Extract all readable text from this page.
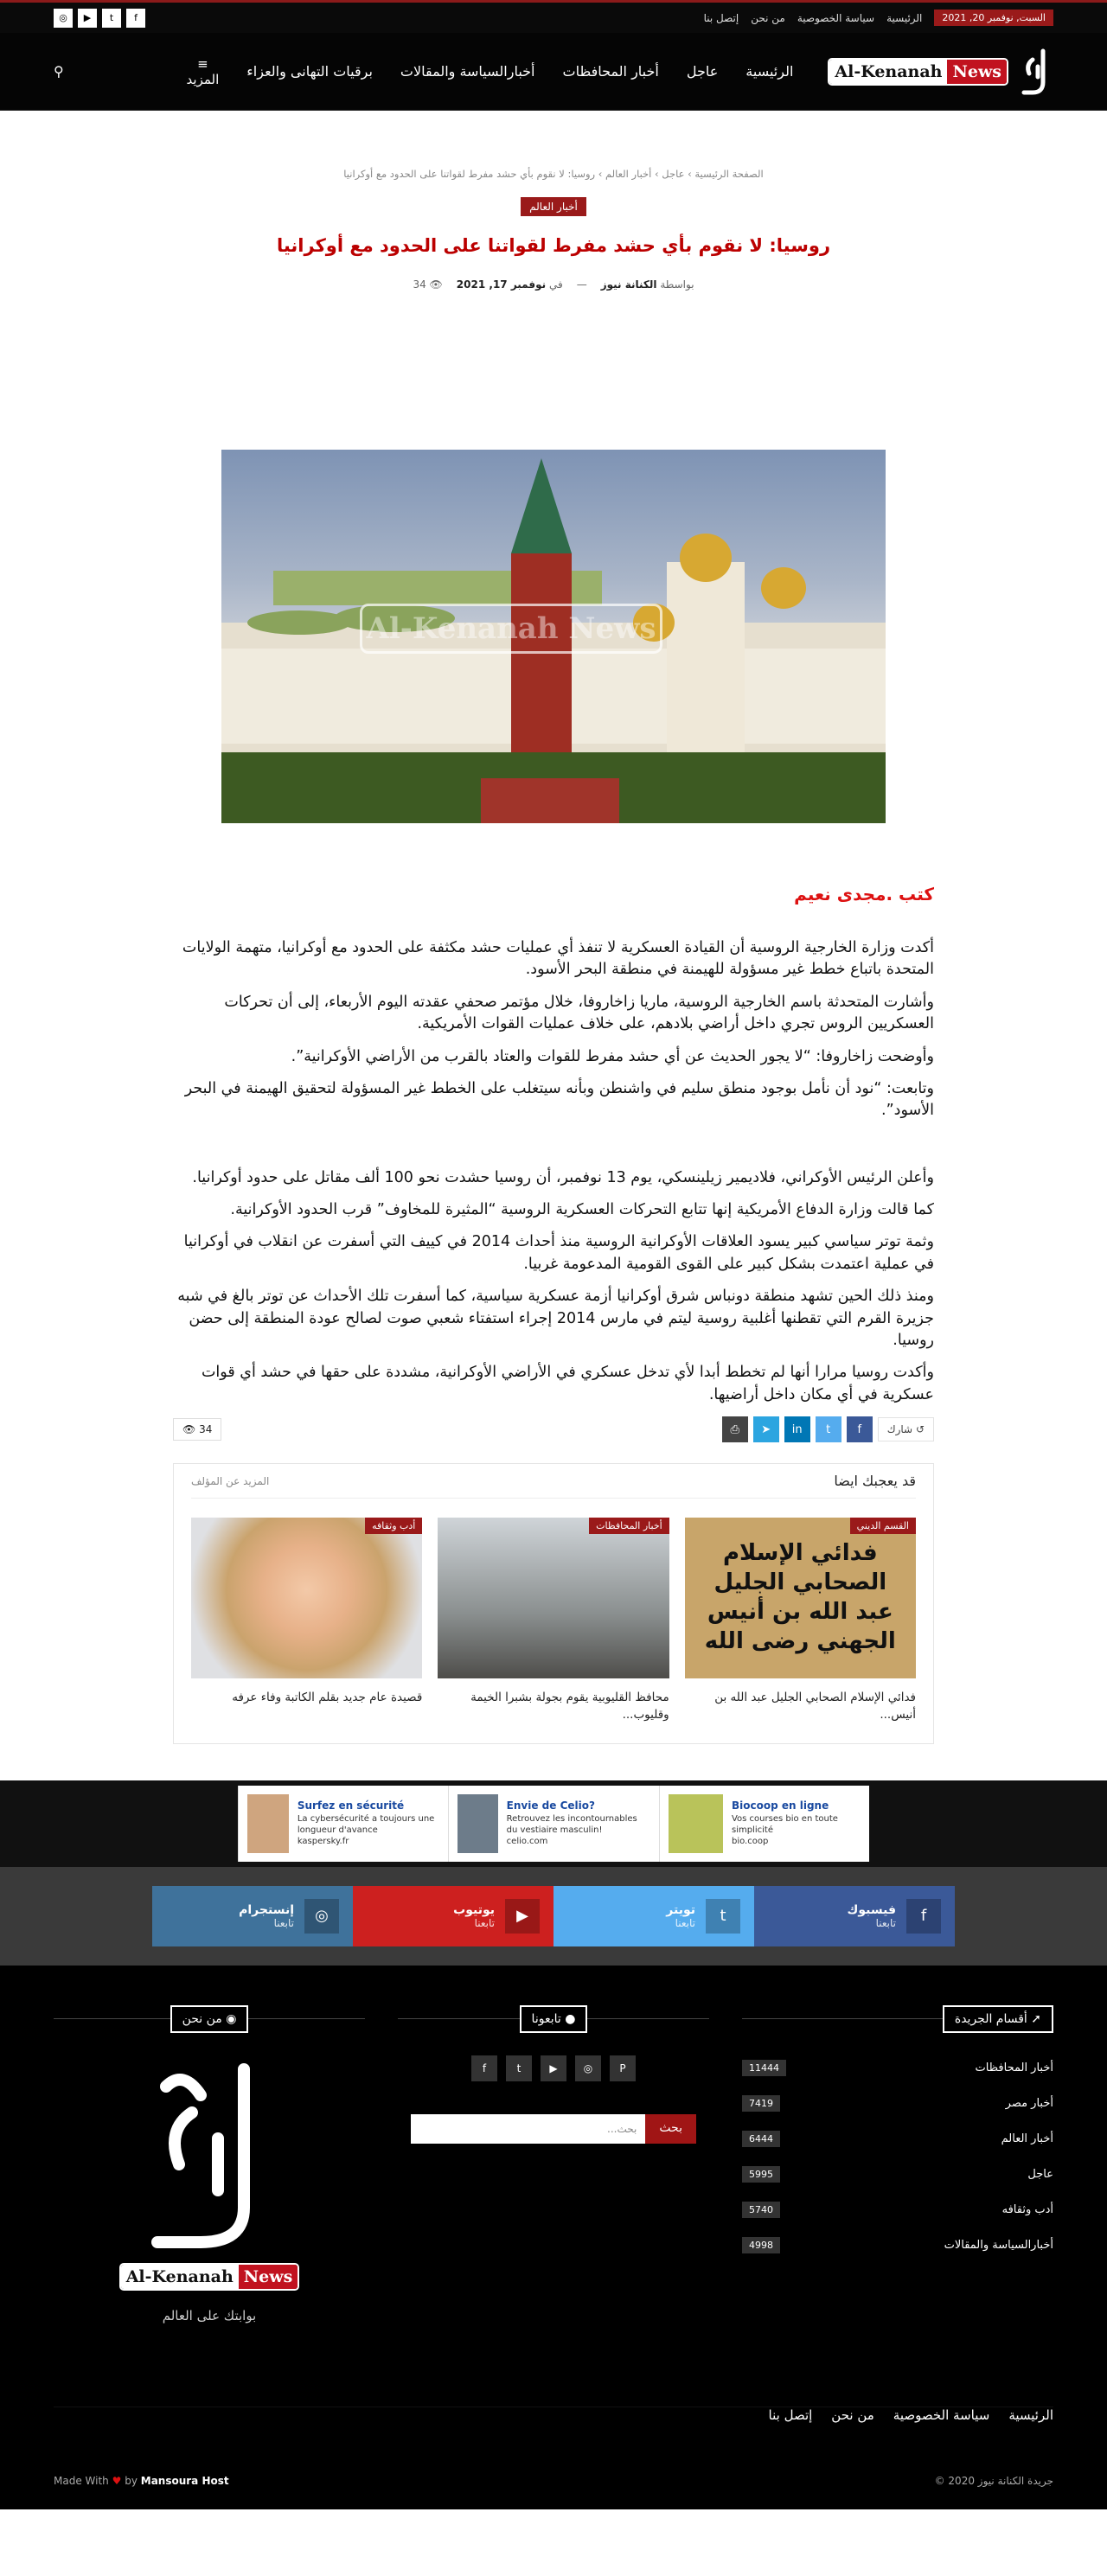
السبت, نوفمبر 20, 2021
الرئيسية
سياسة الخصوصية
من نحن
إتصل بنا
◎	▶	t	f
Al-Kenanah News
الرئيسية
عاجل
أخبار المحافظات
أخبارالسياسة والمقالات
برقيات التهانى والعزاء
≡
المزيد
⚲
الصفحة الرئيسية › عاجل › أخبار العالم › روسيا: لا نقوم بأي حشد مفرط لقواتنا على الحدود مع أوكرانيا
أخبار العالم
روسيا: لا نقوم بأي حشد مفرط لقواتنا على الحدود مع أوكرانيا
بواسطة الكنانة نيوز
—
في نوفمبر 17, 2021
👁 34
Al-Kenanah News
كتب .مجدى نعيم

أكدت وزارة الخارجية الروسية أن القيادة العسكرية لا تنفذ أي عمليات حشد مكثفة على الحدود مع أوكرانيا، متهمة الولايات المتحدة باتباع خطط غير مسؤولة للهيمنة في منطقة البحر الأسود.

وأشارت المتحدثة باسم الخارجية الروسية، ماريا زاخاروفا، خلال مؤتمر صحفي عقدته اليوم الأربعاء، إلى أن تحركات العسكريين الروس تجري داخل أراضي بلادهم، على خلاف عمليات القوات الأمريكية.

وأوضحت زاخاروفا: “لا يجور الحديث عن أي حشد مفرط للقوات والعتاد بالقرب من الأراضي الأوكرانية”.

وتابعت: “نود أن نأمل بوجود منطق سليم في واشنطن وبأنه سيتغلب على الخطط غير المسؤولة لتحقيق الهيمنة في البحر الأسود”.

وأعلن الرئيس الأوكراني، فلاديمير زيلينسكي، يوم 13 نوفمبر، أن روسيا حشدت نحو 100 ألف مقاتل على حدود أوكرانيا.

كما قالت وزارة الدفاع الأمريكية إنها تتابع التحركات العسكرية الروسية “المثيرة للمخاوف” قرب الحدود الأوكرانية.

وثمة توتر سياسي كبير يسود العلاقات الأوكرانية الروسية منذ أحداث 2014 في كييف التي أسفرت عن انقلاب في أوكرانيا في عملية اعتمدت بشكل كبير على القوى القومية المدعومة غربيا.

ومنذ ذلك الحين تشهد منطقة دونباس شرق أوكرانيا أزمة عسكرية سياسية، كما أسفرت تلك الأحداث عن توتر بالغ في شبه جزيرة القرم التي تقطنها أغلبية روسية ليتم في مارس 2014 إجراء استفتاء شعبي صوت لصالح عودة المنطقة إلى حضن روسيا.

وأكدت روسيا مرارا أنها لم تخطط أبدا لأي تدخل عسكري في الأراضي الأوكرانية، مشددة على حقها في حشد أي قوات عسكرية في أي مكان داخل أراضيها.

↺ شارك
f
t
in
➤
⎙
👁 34
قد يعجبك ايضا
المزيد عن المؤلف
فدائي الإسلام الصحابي الجليل عبد الله بن أنيس الجهني رضى الله
القسم الديني
فدائي الإسلام الصحابي الجليل عبد الله بن أنيس...
أخبار المحافظات
محافظ القليوبية يقوم بجولة بشبرا الخيمة وقليوب...
أدب وثقافه
قصيدة عام جديد بقلم الكاتبة وفاء عرفه
Surfez en sécurité
La cybersécurité a toujours une longueur d'avance
kaspersky.fr
Envie de Celio?
Retrouvez les incontournables du vestiaire masculin!
celio.com
Biocoop en ligne
Vos courses bio en toute simplicité
bio.coop
◎
إنستجرام
تابعنا	▶
يوتيوب
تابعنا	t
تويتر
تابعنا	f
فيسبوك
تابعنا
➚ أقسام الجريدة
أخبار المحافظات
11444
أخبار مصر
7419
أخبار العالم
6444
عاجل
5995
أدب وثقافه
5740
أخبارالسياسة والمقالات
4998
● تابعونا
f	t	▶	◎	P
بحث
بحث...
◉ من نحن

Al-Kenanah News
بوابتك على العالم
الرئيسية
سياسة الخصوصية
من نحن
إتصل بنا
جريدة الكنانة نيوز 2020 ©
Made With ♥ by Mansoura Host
